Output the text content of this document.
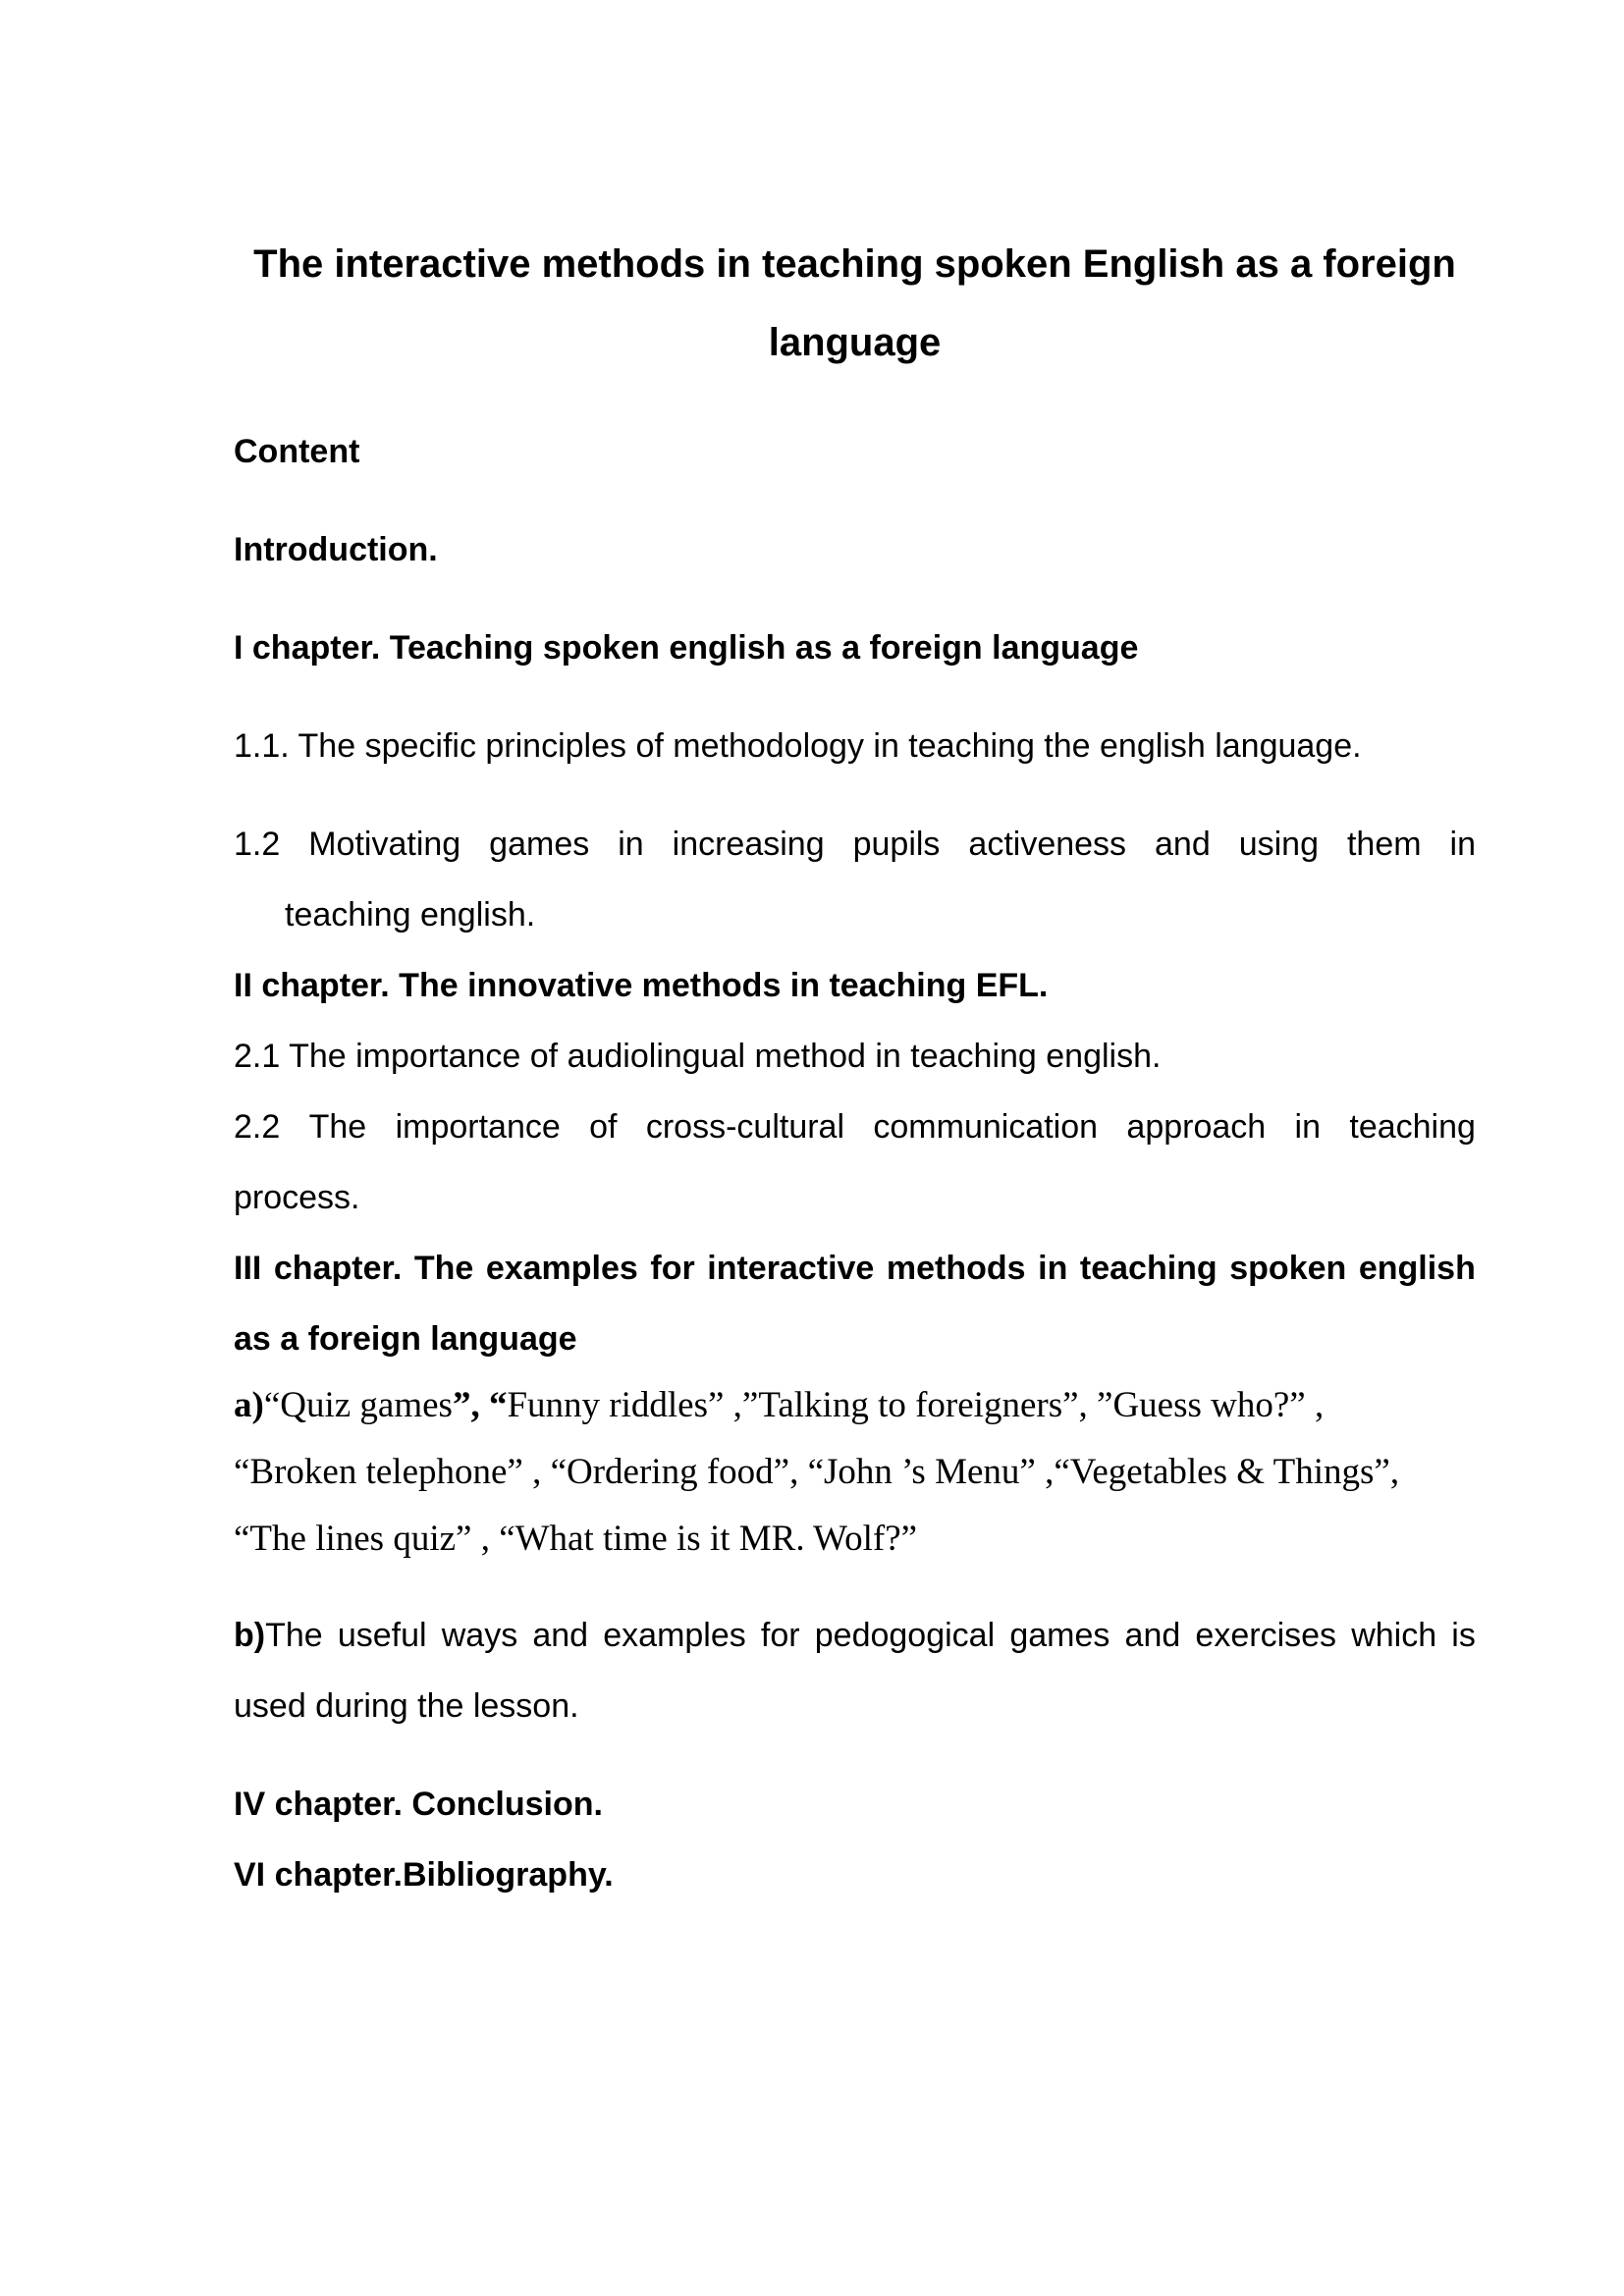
The interactive methods in teaching spoken English as a foreign

language

Content

Introduction.

I chapter. Teaching spoken english as a foreign language

1.1. The specific principles of methodology in teaching the english language.

1.2 Motivating games in increasing pupils activeness and using them in

teaching english.

II chapter. The innovative methods in teaching EFL.

2.1 The importance of audiolingual method in teaching english.

2.2 The importance of cross-cultural communication approach in teaching

process.

III chapter. The examples for interactive methods in teaching spoken english

as a foreign language

a)“Quiz games”, “Funny riddles” ,”Talking to foreigners”, ”Guess who?” ,

“Broken telephone” , “Ordering food”, “John ’s Menu” ,“Vegetables & Things”,

“The lines quiz” , “What time is it MR. Wolf?”

b)The useful ways and examples for pedogogical games and exercises which is

used during the lesson.

IV chapter. Conclusion.

VI chapter.Bibliography.
